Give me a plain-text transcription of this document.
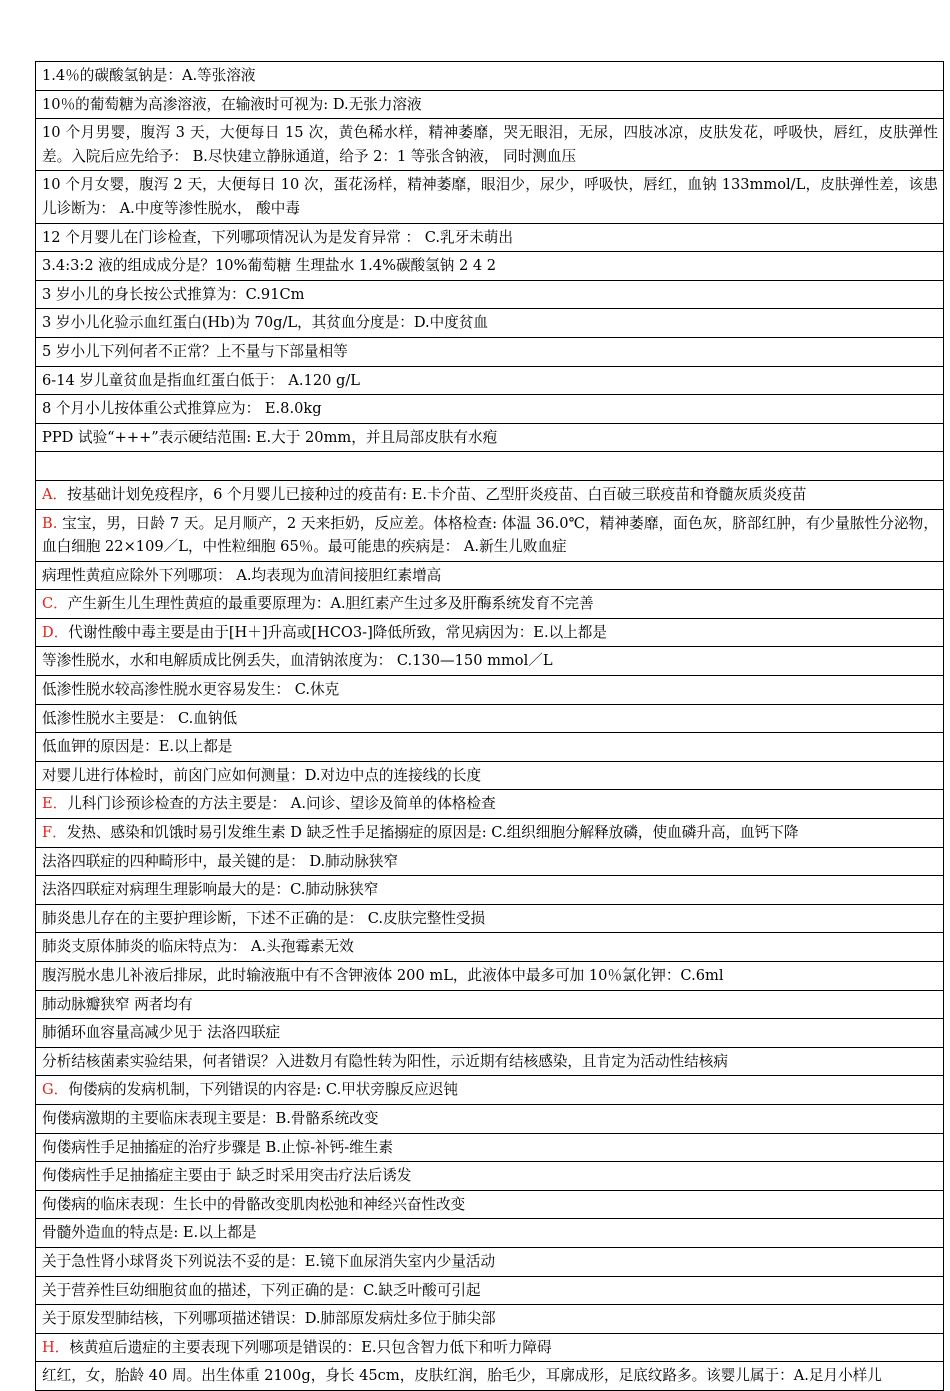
1.4％的碳酸氢钠是：A.等张溶液
10％的葡萄糖为高渗溶液，在输液时可视为: D.无张力溶液
10 个月男婴，腹泻 3 天，大便每日 15 次，黄色稀水样，精神萎靡，哭无眼泪，无尿，四肢冰凉，皮肤发花，呼吸快，唇红，皮肤弹性差。入院后应先给予： B.尽快建立静脉通道，给予 2：1 等张含钠液， 同时测血压
10 个月女婴，腹泻 2 天，大便每日 10 次，蛋花汤样，精神萎靡，眼泪少，尿少，呼吸快，唇红，血钠 133mmol/L，皮肤弹性差，该患儿诊断为： A.中度等渗性脱水， 酸中毒
12 个月婴儿在门诊检查，下列哪项情况认为是发育异常 ： C.乳牙未萌出
3.4:3:2 液的组成成分是？10%葡萄糖 生理盐水 1.4%碳酸氢钠 2 4 2
3 岁小儿的身长按公式推算为：C.91Cm
3 岁小儿化验示血红蛋白(Hb)为 70g/L，其贫血分度是：D.中度贫血
5 岁小儿下列何者不正常？上不量与下部量相等
6-14 岁儿童贫血是指血红蛋白低于： A.120 g/L
8 个月小儿按体重公式推算应为： E.8.0kg
PPD 试验“+++”表示硬结范围: E.大于 20mm，并且局部皮肤有水疱

A．按基础计划免疫程序，6 个月婴儿已接种过的疫苗有: E.卡介苗、乙型肝炎疫苗、白百破三联疫苗和脊髓灰质炎疫苗
B. 宝宝，男，日龄 7 天。足月顺产，2 天来拒奶，反应差。体格检查: 体温 36.0℃，精神萎靡，面色灰，脐部红肿，有少量脓性分泌物，血白细胞 22×109／L，中性粒细胞 65％。最可能患的疾病是： A.新生儿败血症
病理性黄疸应除外下列哪项： A.均表现为血清间接胆红素增高
C．产生新生儿生理性黄疸的最重要原理为：A.胆红素产生过多及肝酶系统发育不完善
D．代谢性酸中毒主要是由于[H＋]升高或[HCO3-]降低所致，常见病因为：E.以上都是
等渗性脱水，水和电解质成比例丢失，血清钠浓度为： C.130—150 mmol／L
低渗性脱水较高渗性脱水更容易发生： C.休克
低渗性脱水主要是： C.血钠低
低血钾的原因是：E.以上都是
对婴儿进行体检时，前囟门应如何测量：D.对边中点的连接线的长度
E．儿科门诊预诊检查的方法主要是： A.问诊、望诊及简单的体格检查
F．发热、感染和饥饿时易引发维生素 D 缺乏性手足搐搦症的原因是: C.组织细胞分解释放磷，使血磷升高，血钙下降
法洛四联症的四种畸形中，最关键的是： D.肺动脉狭窄
法洛四联症对病理生理影响最大的是：C.肺动脉狭窄
肺炎患儿存在的主要护理诊断，下述不正确的是： C.皮肤完整性受损
肺炎支原体肺炎的临床特点为： A.头孢霉素无效
腹泻脱水患儿补液后排尿，此时输液瓶中有不含钾液体 200 mL，此液体中最多可加 10％氯化钾：C.6ml
肺动脉瓣狭窄 两者均有
肺循环血容量高减少见于 法洛四联症
分析结核菌素实验结果，何者错误？入进数月有隐性转为阳性，示近期有结核感染，且肯定为活动性结核病
G．佝偻病的发病机制，下列错误的内容是: C.甲状旁腺反应迟钝
佝偻病激期的主要临床表现主要是：B.骨骼系统改变
佝偻病性手足抽搐症的治疗步骤是 B.止惊-补钙-维生素
佝偻病性手足抽搐症主要由于 缺乏时采用突击疗法后诱发
佝偻病的临床表现：生长中的骨骼改变肌肉松弛和神经兴奋性改变
骨髓外造血的特点是: E.以上都是
关于急性肾小球肾炎下列说法不妥的是：E.镜下血尿消失室内少量活动
关于营养性巨幼细胞贫血的描述，下列正确的是：C.缺乏叶酸可引起
关于原发型肺结核，下列哪项描述错误：D.肺部原发病灶多位于肺尖部
H．核黄疸后遗症的主要表现下列哪项是错误的：E.只包含智力低下和听力障碍
红红，女，胎龄 40 周。出生体重 2100g，身长 45cm，皮肤红润，胎毛少，耳廓成形，足底纹路多。该婴儿属于：A.足月小样儿
